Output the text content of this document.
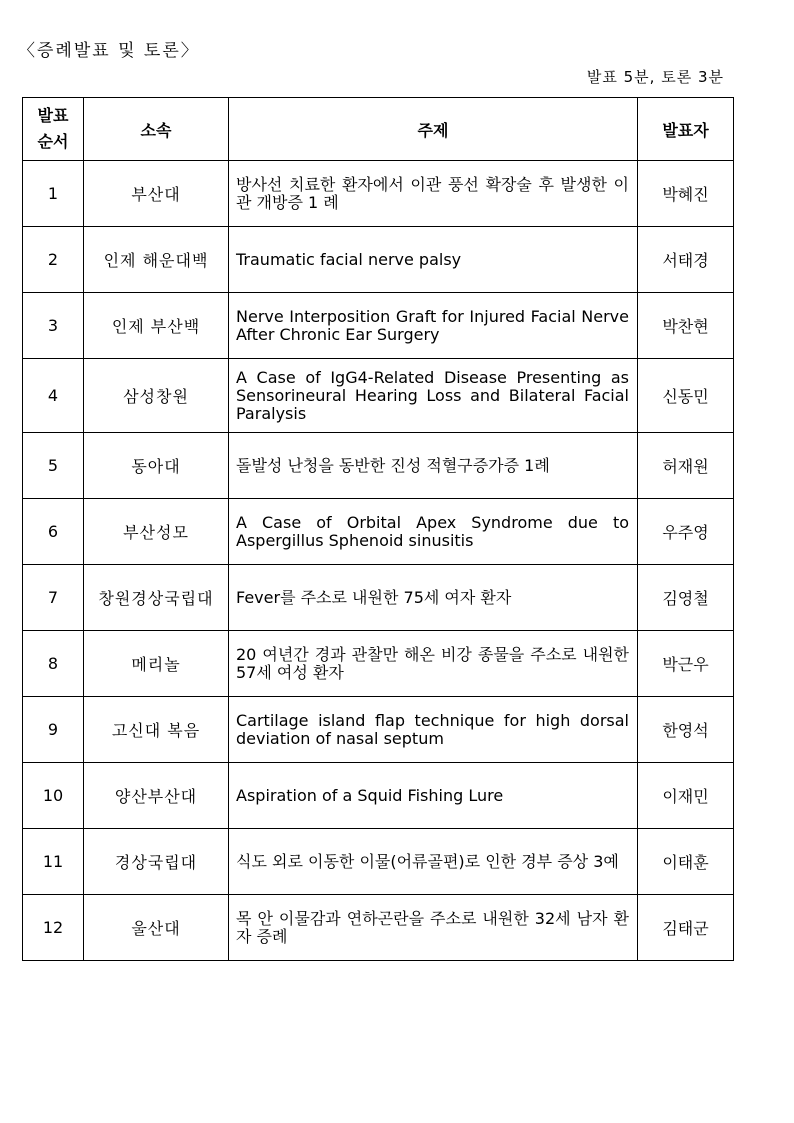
〈증례발표 및 토론〉
발표 5분, 토론 3분
발표
순서	소속	주제	발표자
1	부산대	방사선 치료한 환자에서 이관 풍선 확장술 후 발생한 이관 개방증 1 례	박혜진
2	인제 해운대백	Traumatic facial nerve palsy	서태경
3	인제 부산백	Nerve Interposition Graft for Injured Facial Nerve After Chronic Ear Surgery	박찬현
4	삼성창원	A Case of IgG4-Related Disease Presenting as Sensorineural Hearing Loss and Bilateral Facial Paralysis	신동민
5	동아대	돌발성 난청을 동반한 진성 적혈구증가증 1례	허재원
6	부산성모	A Case of Orbital Apex Syndrome due to Aspergillus Sphenoid sinusitis	우주영
7	창원경상국립대	Fever를 주소로 내원한 75세 여자 환자	김영철
8	메리놀	20 여년간 경과 관찰만 해온 비강 종물을 주소로 내원한 57세 여성 환자	박근우
9	고신대 복음	Cartilage island flap technique for high dorsal deviation of nasal septum	한영석
10	양산부산대	Aspiration of a Squid Fishing Lure	이재민
11	경상국립대	식도 외로 이동한 이물(어류골편)로 인한 경부 증상 3예	이태훈
12	울산대	목 안 이물감과 연하곤란을 주소로 내원한 32세 남자 환자 증례	김태군
